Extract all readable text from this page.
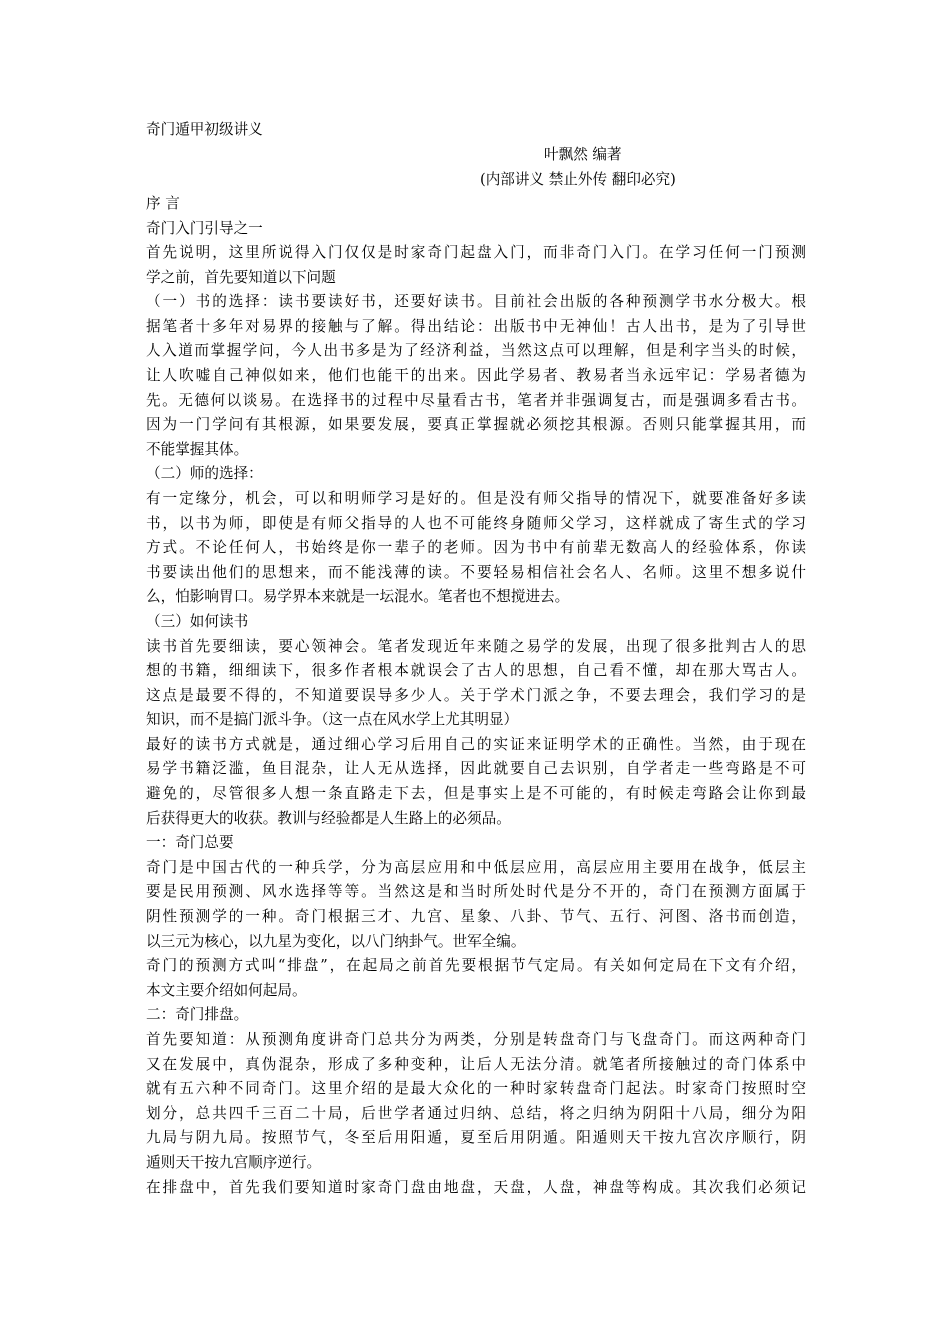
奇门遁甲初级讲义
叶飘然 编著
(内部讲义 禁止外传 翻印必究)
序 言
奇门入门引导之一
首先说明，这里所说得入门仅仅是时家奇门起盘入门，而非奇门入门。在学习任何一门预测
学之前，首先要知道以下问题
（一）书的选择：读书要读好书，还要好读书。目前社会出版的各种预测学书水分极大。根
据笔者十多年对易界的接触与了解。得出结论：出版书中无神仙！古人出书，是为了引导世
人入道而掌握学问，今人出书多是为了经济利益，当然这点可以理解，但是利字当头的时候，
让人吹嘘自己神似如来，他们也能干的出来。因此学易者、教易者当永远牢记：学易者德为
先。无德何以谈易。在选择书的过程中尽量看古书，笔者并非强调复古，而是强调多看古书。
因为一门学问有其根源，如果要发展，要真正掌握就必须挖其根源。否则只能掌握其用，而
不能掌握其体。
（二）师的选择：
有一定缘分，机会，可以和明师学习是好的。但是没有师父指导的情况下，就要准备好多读
书，以书为师，即使是有师父指导的人也不可能终身随师父学习，这样就成了寄生式的学习
方式。不论任何人，书始终是你一辈子的老师。因为书中有前辈无数高人的经验体系，你读
书要读出他们的思想来，而不能浅薄的读。不要轻易相信社会名人、名师。这里不想多说什
么，怕影响胃口。易学界本来就是一坛混水。笔者也不想搅进去。
（三）如何读书
读书首先要细读，要心领神会。笔者发现近年来随之易学的发展，出现了很多批判古人的思
想的书籍，细细读下，很多作者根本就误会了古人的思想，自己看不懂，却在那大骂古人。
这点是最要不得的，不知道要误导多少人。关于学术门派之争，不要去理会，我们学习的是
知识，而不是搞门派斗争。（这一点在风水学上尤其明显）
最好的读书方式就是，通过细心学习后用自己的实证来证明学术的正确性。当然，由于现在
易学书籍泛滥，鱼目混杂，让人无从选择，因此就要自己去识别，自学者走一些弯路是不可
避免的，尽管很多人想一条直路走下去，但是事实上是不可能的，有时候走弯路会让你到最
后获得更大的收获。教训与经验都是人生路上的必须品。
一：奇门总要
奇门是中国古代的一种兵学，分为高层应用和中低层应用，高层应用主要用在战争，低层主
要是民用预测、风水选择等等。当然这是和当时所处时代是分不开的，奇门在预测方面属于
阴性预测学的一种。奇门根据三才、九宫、星象、八卦、节气、五行、河图、洛书而创造，
以三元为核心，以九星为变化，以八门纳卦气。世军全编。
奇门的预测方式叫“排盘”，在起局之前首先要根据节气定局。有关如何定局在下文有介绍，
本文主要介绍如何起局。
二：奇门排盘。
首先要知道：从预测角度讲奇门总共分为两类，分别是转盘奇门与飞盘奇门。而这两种奇门
又在发展中，真伪混杂，形成了多种变种，让后人无法分清。就笔者所接触过的奇门体系中
就有五六种不同奇门。这里介绍的是最大众化的一种时家转盘奇门起法。时家奇门按照时空
划分，总共四千三百二十局，后世学者通过归纳、总结，将之归纳为阴阳十八局，细分为阳
九局与阴九局。按照节气，冬至后用阳遁，夏至后用阴遁。阳遁则天干按九宫次序顺行，阴
遁则天干按九宫顺序逆行。
在排盘中，首先我们要知道时家奇门盘由地盘，天盘，人盘，神盘等构成。其次我们必须记
